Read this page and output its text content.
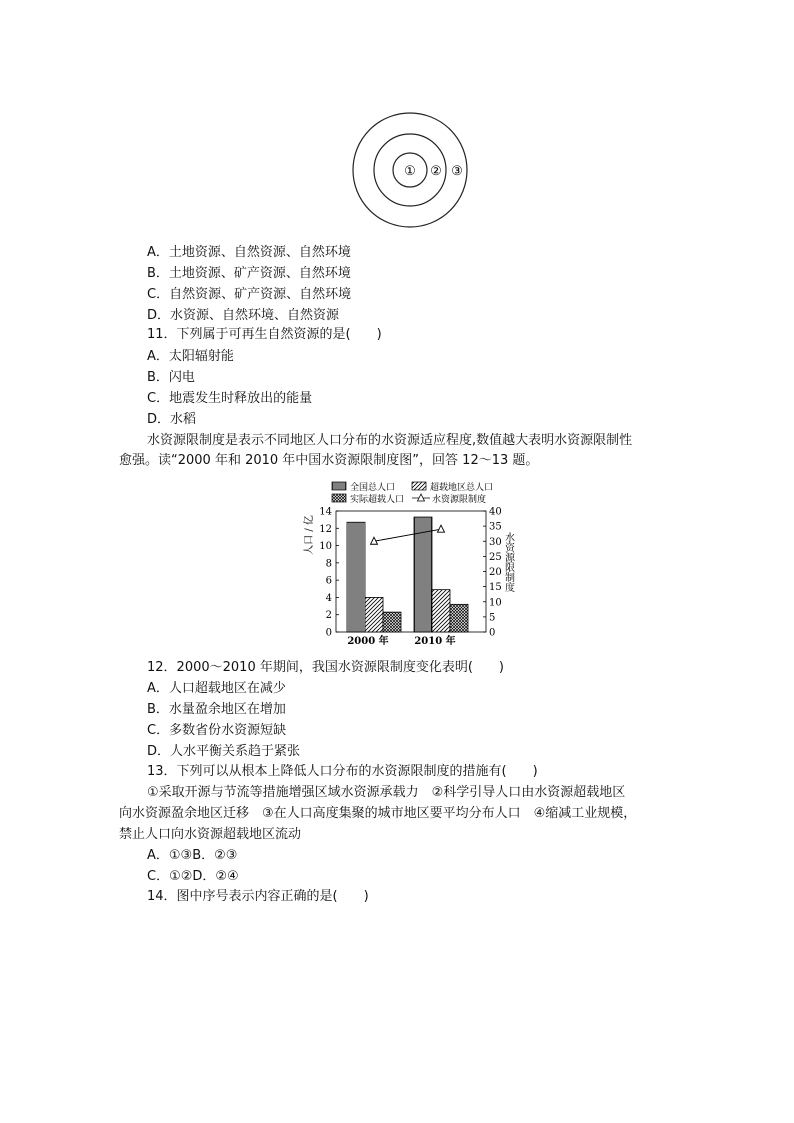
① ② ③
A．土地资源、自然资源、自然环境
B．土地资源、矿产资源、自然环境
C．自然资源、矿产资源、自然环境
D．水资源、自然环境、自然资源
11．下列属于可再生自然资源的是(　　)
A．太阳辐射能
B．闪电
C．地震发生时释放出的能量
D．水稻
水资源限制度是表示不同地区人口分布的水资源适应程度,数值越大表明水资源限制性
愈强。读“2000 年和 2010 年中国水资源限制度图”，回答 12～13 题。
全国总人口	超载地区总人口
实际超载人口	水资源限制度
人口 / 亿	水资源限制度
0
2
4
6
8
10
12
14
0
5
10
15
20
25
30
35
40
2000 年	2010 年
12．2000～2010 年期间，我国水资源限制度变化表明(　　)
A．人口超载地区在减少
B．水量盈余地区在增加
C．多数省份水资源短缺
D．人水平衡关系趋于紧张
13．下列可以从根本上降低人口分布的水资源限制度的措施有(　　)
①采取开源与节流等措施增强区域水资源承载力　②科学引导人口由水资源超载地区
向水资源盈余地区迁移　③在人口高度集聚的城市地区要平均分布人口　④缩减工业规模，
禁止人口向水资源超载地区流动
A．①③B．②③
C．①②D．②④
14．图中序号表示内容正确的是(　　)
